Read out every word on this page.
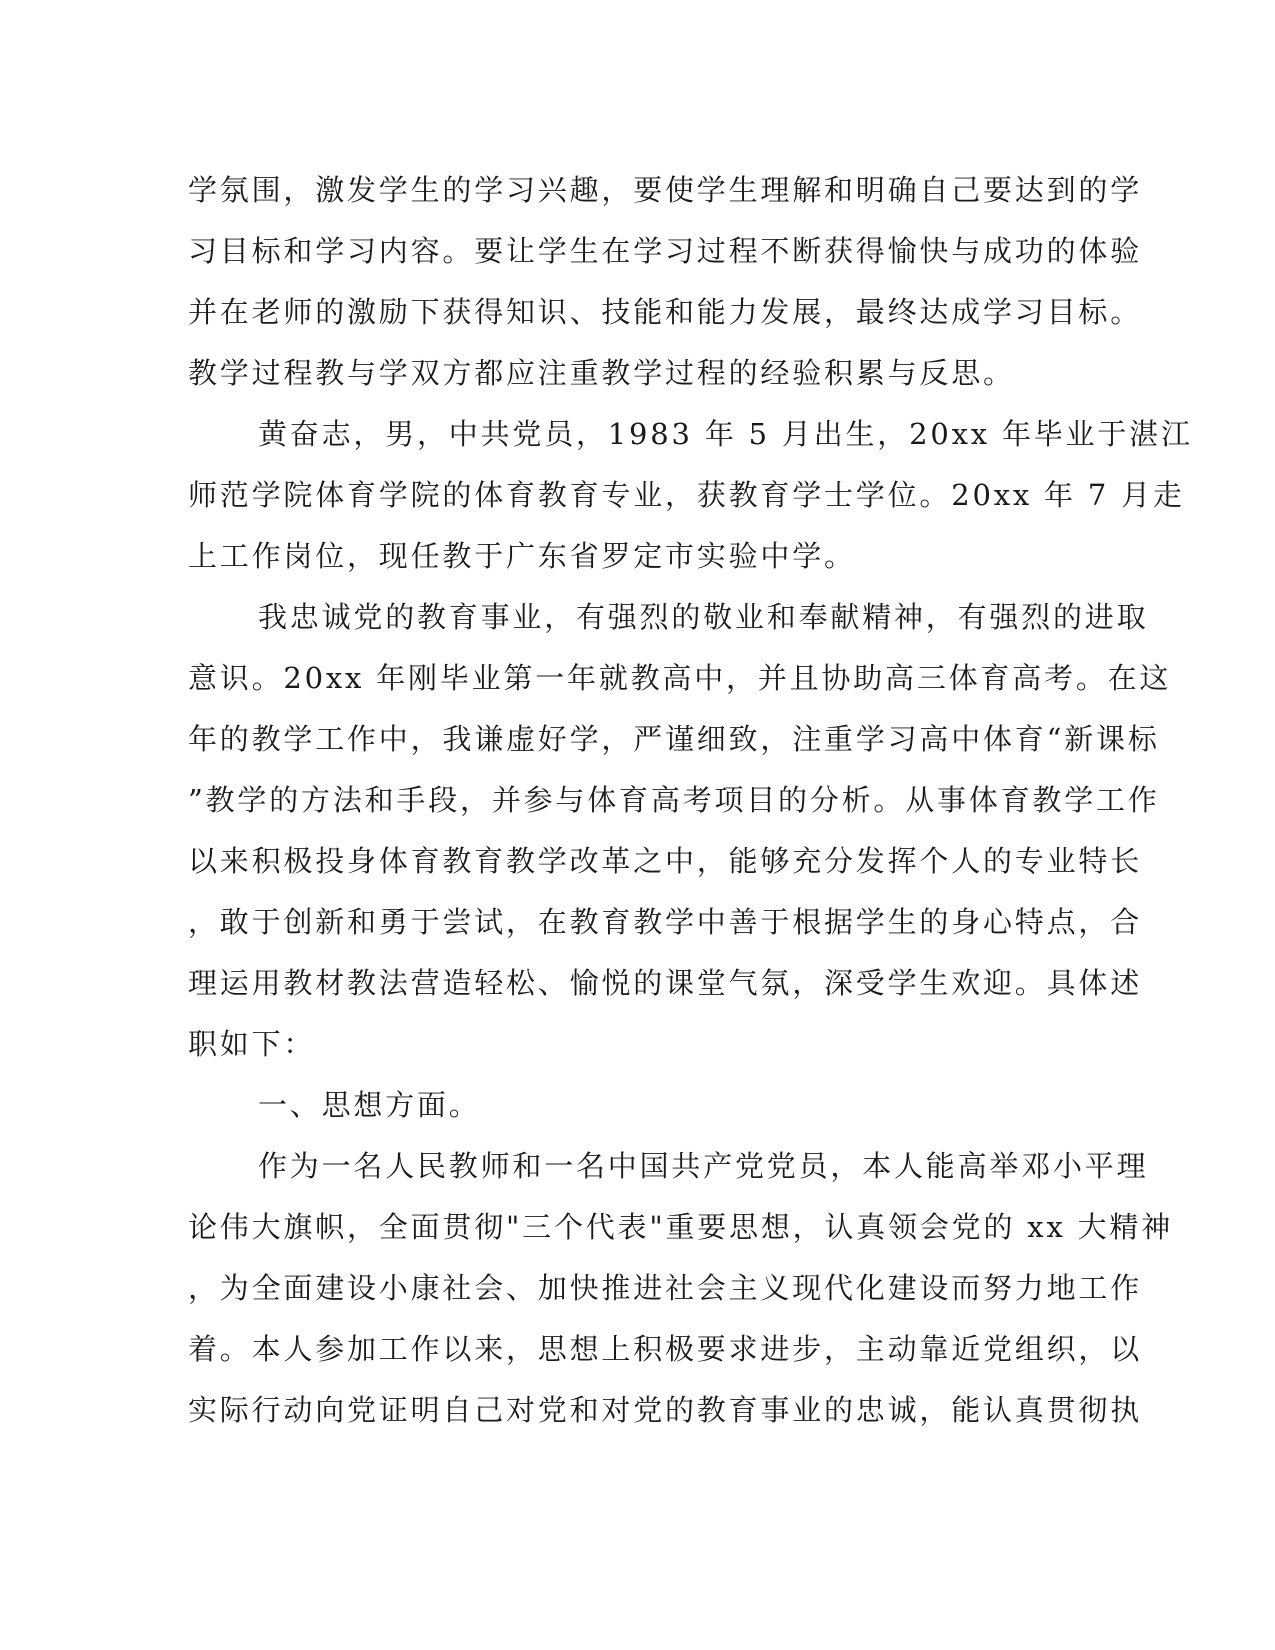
学氛围，激发学生的学习兴趣，要使学生理解和明确自己要达到的学
习目标和学习内容。要让学生在学习过程不断获得愉快与成功的体验
并在老师的激励下获得知识、技能和能力发展，最终达成学习目标。
教学过程教与学双方都应注重教学过程的经验积累与反思。
黄奋志，男，中共党员，1983 年 5 月出生，20xx 年毕业于湛江
师范学院体育学院的体育教育专业，获教育学士学位。20xx 年 7 月走
上工作岗位，现任教于广东省罗定市实验中学。
我忠诚党的教育事业，有强烈的敬业和奉献精神，有强烈的进取
意识。20xx 年刚毕业第一年就教高中，并且协助高三体育高考。在这
年的教学工作中，我谦虚好学，严谨细致，注重学习高中体育“新课标
”教学的方法和手段，并参与体育高考项目的分析。从事体育教学工作
以来积极投身体育教育教学改革之中，能够充分发挥个人的专业特长
，敢于创新和勇于尝试，在教育教学中善于根据学生的身心特点，合
理运用教材教法营造轻松、愉悦的课堂气氛，深受学生欢迎。具体述
职如下：
一、思想方面。
作为一名人民教师和一名中国共产党党员，本人能高举邓小平理
论伟大旗帜，全面贯彻"三个代表"重要思想，认真领会党的 xx 大精神
，为全面建设小康社会、加快推进社会主义现代化建设而努力地工作
着。本人参加工作以来，思想上积极要求进步，主动靠近党组织，以
实际行动向党证明自己对党和对党的教育事业的忠诚，能认真贯彻执
